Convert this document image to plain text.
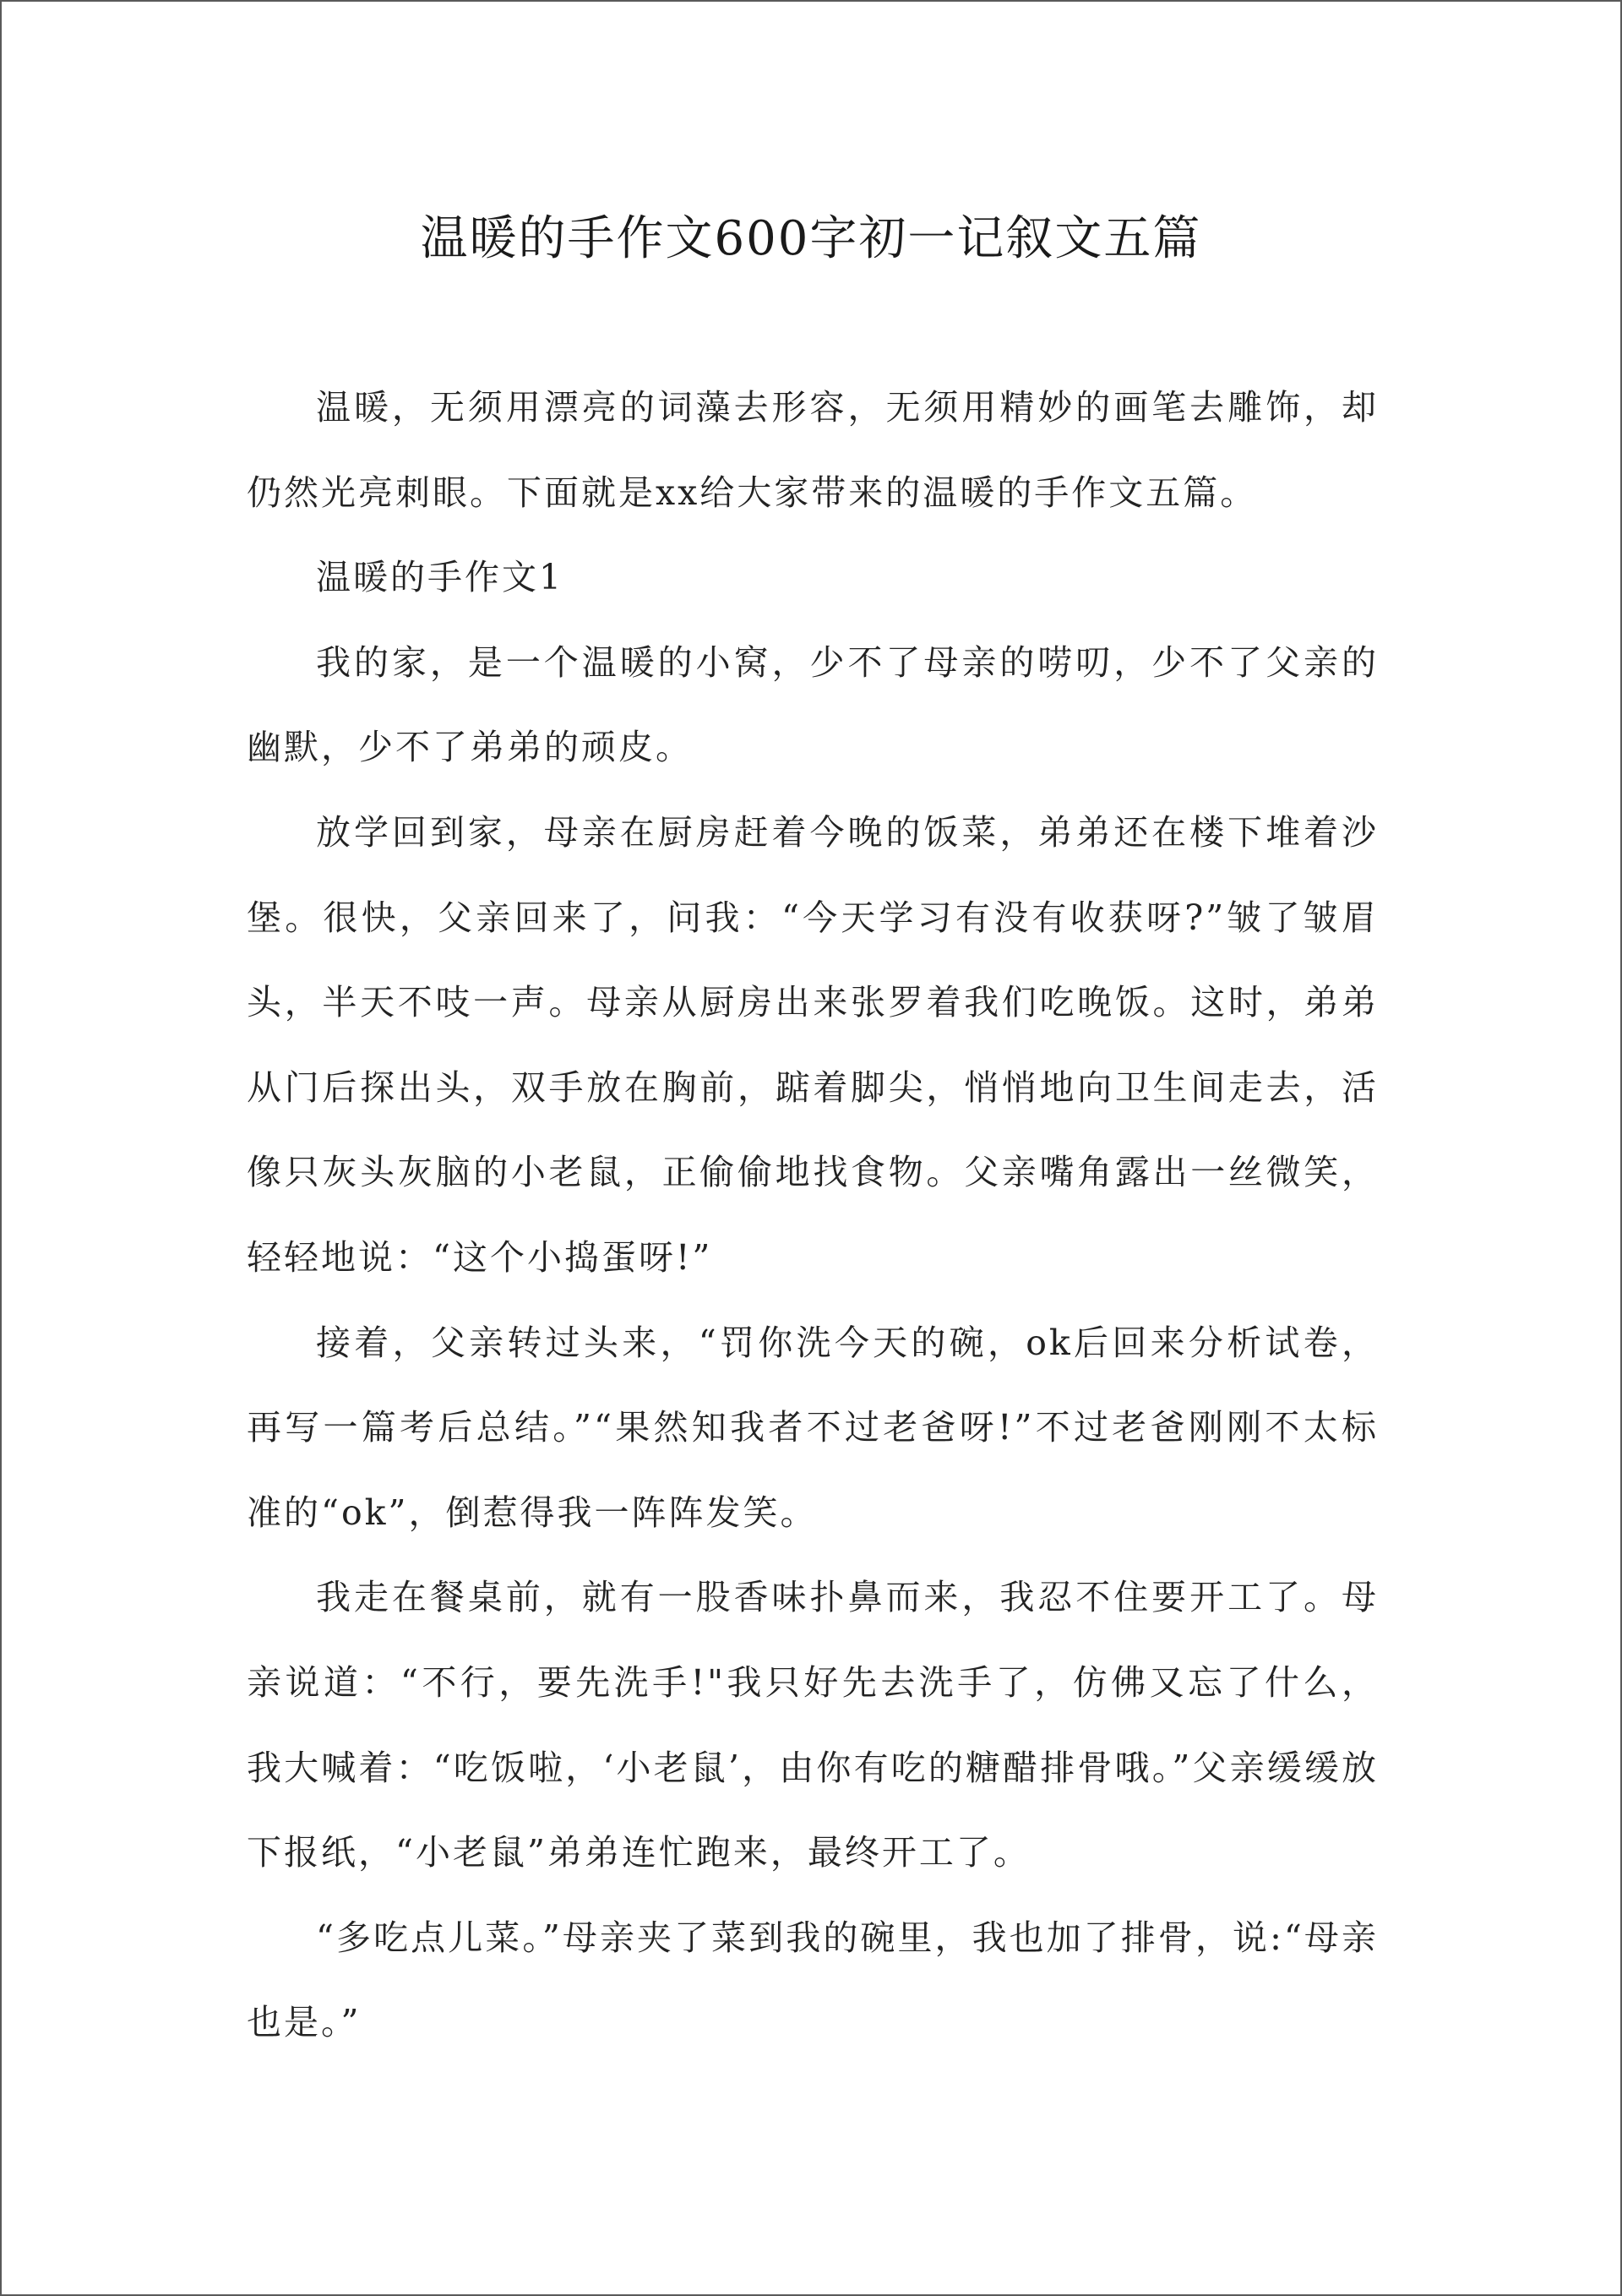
温暖的手作文600字初一记叙文五篇

温暖，无须用漂亮的词藻去形容，无须用精妙的画笔去雕饰，却仍然光亮刺眼。下面就是xx给大家带来的温暖的手作文五篇。

温暖的手作文1

我的家，是一个温暖的小窝，少不了母亲的唠叨，少不了父亲的幽默，少不了弟弟的顽皮。

放学回到家，母亲在厨房赶着今晚的饭菜，弟弟还在楼下堆着沙堡。很快，父亲回来了，问我：“今天学习有没有收获呀?”皱了皱眉头，半天不吱一声。母亲从厨房出来张罗着我们吃晚饭。这时，弟弟从门后探出头，双手放在胸前，踮着脚尖，悄悄地向卫生间走去，活像只灰头灰脑的小老鼠，正偷偷地找食物。父亲嘴角露出一丝微笑，轻轻地说：“这个小捣蛋呀!”

接着，父亲转过头来，“罚你洗今天的碗，ok后回来分析试卷，再写一篇考后总结。”“果然知我者不过老爸呀!”不过老爸刚刚不太标准的“ok”，倒惹得我一阵阵发笑。

我走在餐桌前，就有一股香味扑鼻而来，我忍不住要开工了。母亲说道：“不行，要先洗手!"我只好先去洗手了，仿佛又忘了什么，我大喊着：“吃饭啦，‘小老鼠’，由你有吃的糖醋排骨哦。”父亲缓缓放下报纸，“小老鼠”弟弟连忙跑来，最终开工了。

“多吃点儿菜。”母亲夹了菜到我的碗里，我也加了排骨，说:“母亲也是。”
